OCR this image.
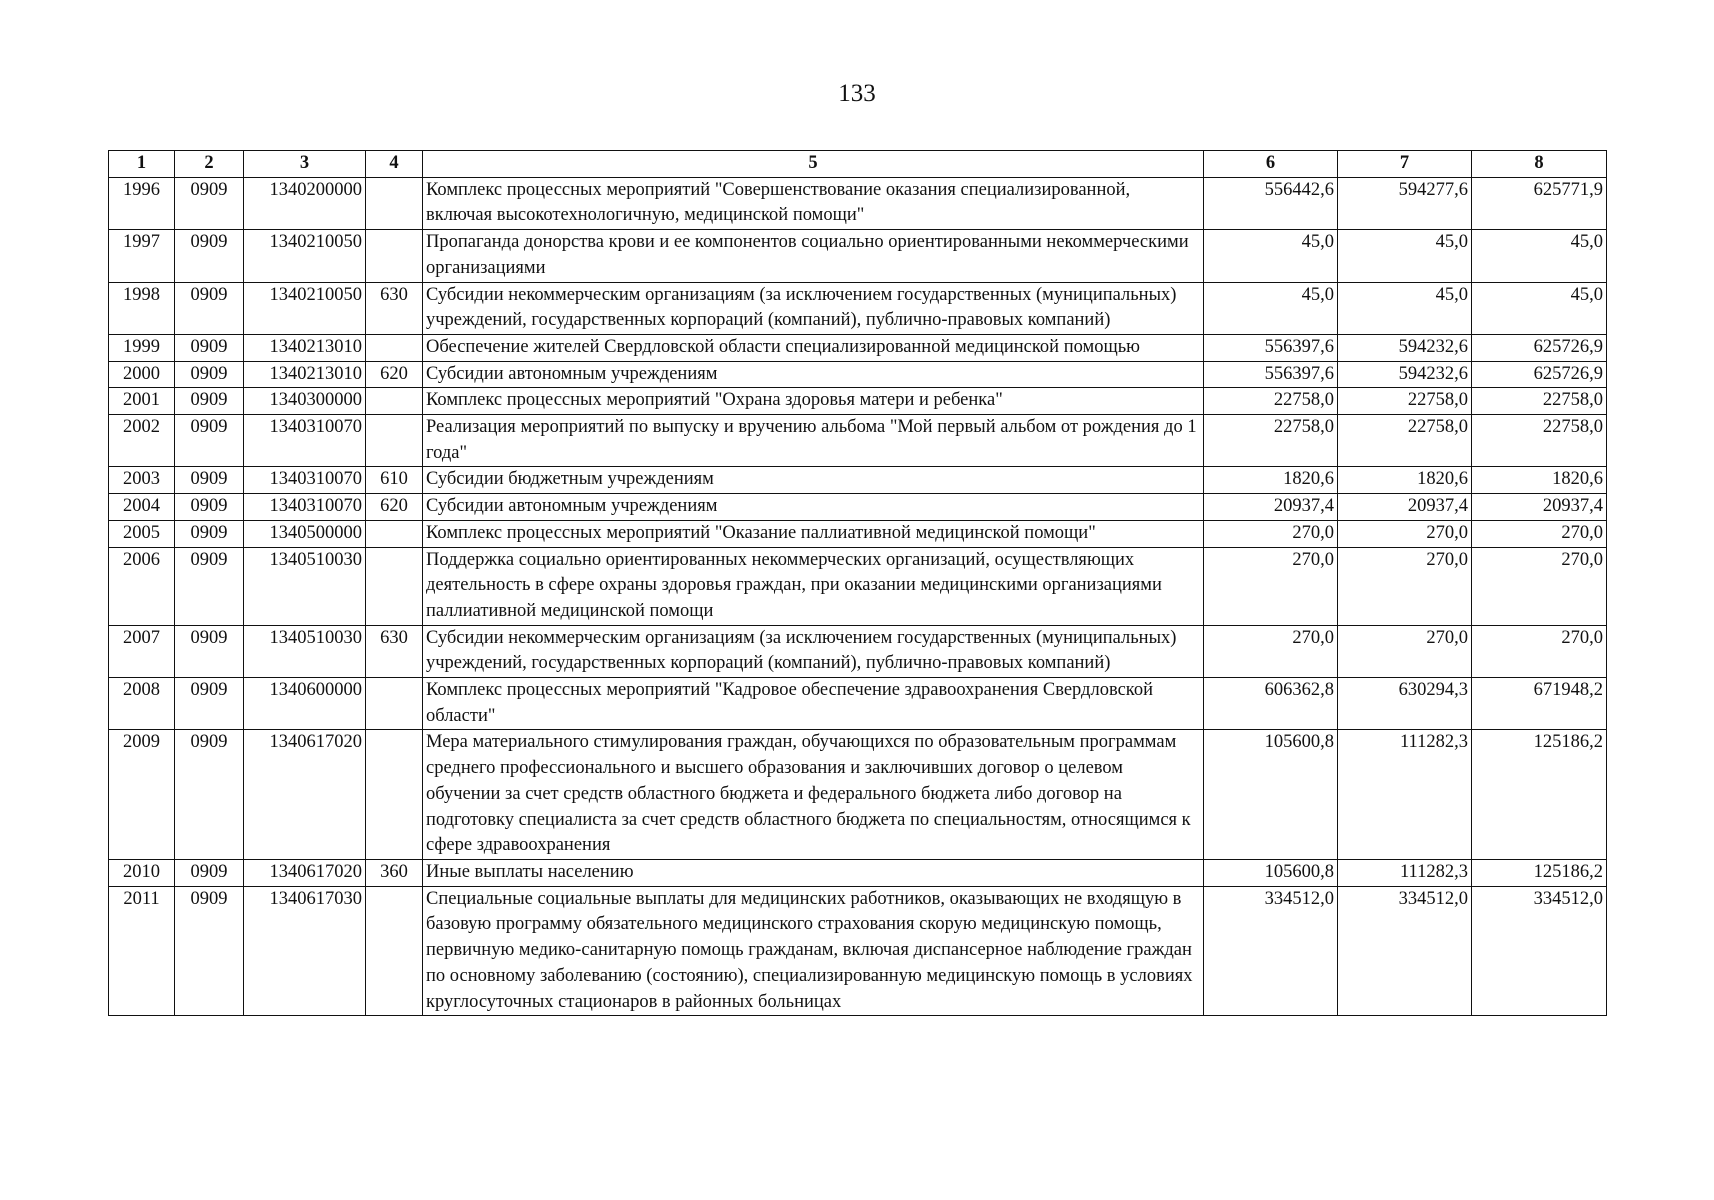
133
1	2	3	4	5	6	7	8
1996	0909	1340200000		Комплекс процессных мероприятий "Совершенствование оказания специализированной, включая высокотехнологичную, медицинской помощи"	556442,6	594277,6	625771,9
1997	0909	1340210050		Пропаганда донорства крови и ее компонентов социально ориентированными некоммерческими организациями	45,0	45,0	45,0
1998	0909	1340210050	630	Субсидии некоммерческим организациям (за исключением государственных (муниципальных) учреждений, государственных корпораций (компаний), публично-правовых компаний)	45,0	45,0	45,0
1999	0909	1340213010		Обеспечение жителей Свердловской области специализированной медицинской помощью	556397,6	594232,6	625726,9
2000	0909	1340213010	620	Субсидии автономным учреждениям	556397,6	594232,6	625726,9
2001	0909	1340300000		Комплекс процессных мероприятий "Охрана здоровья матери и ребенка"	22758,0	22758,0	22758,0
2002	0909	1340310070		Реализация мероприятий по выпуску и вручению альбома "Мой первый альбом от рождения до 1 года"	22758,0	22758,0	22758,0
2003	0909	1340310070	610	Субсидии бюджетным учреждениям	1820,6	1820,6	1820,6
2004	0909	1340310070	620	Субсидии автономным учреждениям	20937,4	20937,4	20937,4
2005	0909	1340500000		Комплекс процессных мероприятий "Оказание паллиативной медицинской помощи"	270,0	270,0	270,0
2006	0909	1340510030		Поддержка социально ориентированных некоммерческих организаций, осуществляющих деятельность в сфере охраны здоровья граждан, при оказании медицинскими организациями паллиативной медицинской помощи	270,0	270,0	270,0
2007	0909	1340510030	630	Субсидии некоммерческим организациям (за исключением государственных (муниципальных) учреждений, государственных корпораций (компаний), публично-правовых компаний)	270,0	270,0	270,0
2008	0909	1340600000		Комплекс процессных мероприятий "Кадровое обеспечение здравоохранения Свердловской области"	606362,8	630294,3	671948,2
2009	0909	1340617020		Мера материального стимулирования граждан, обучающихся по образовательным программам среднего профессионального и высшего образования и заключивших договор о целевом обучении за счет средств областного бюджета и федерального бюджета либо договор на подготовку специалиста за счет средств областного бюджета по специальностям, относящимся к сфере здравоохранения	105600,8	111282,3	125186,2
2010	0909	1340617020	360	Иные выплаты населению	105600,8	111282,3	125186,2
2011	0909	1340617030		Специальные социальные выплаты для медицинских работников, оказывающих не входящую в базовую программу обязательного медицинского страхования скорую медицинскую помощь, первичную медико-санитарную помощь гражданам, включая диспансерное наблюдение граждан по основному заболеванию (состоянию), специализированную медицинскую помощь в условиях круглосуточных стационаров в районных больницах	334512,0	334512,0	334512,0
